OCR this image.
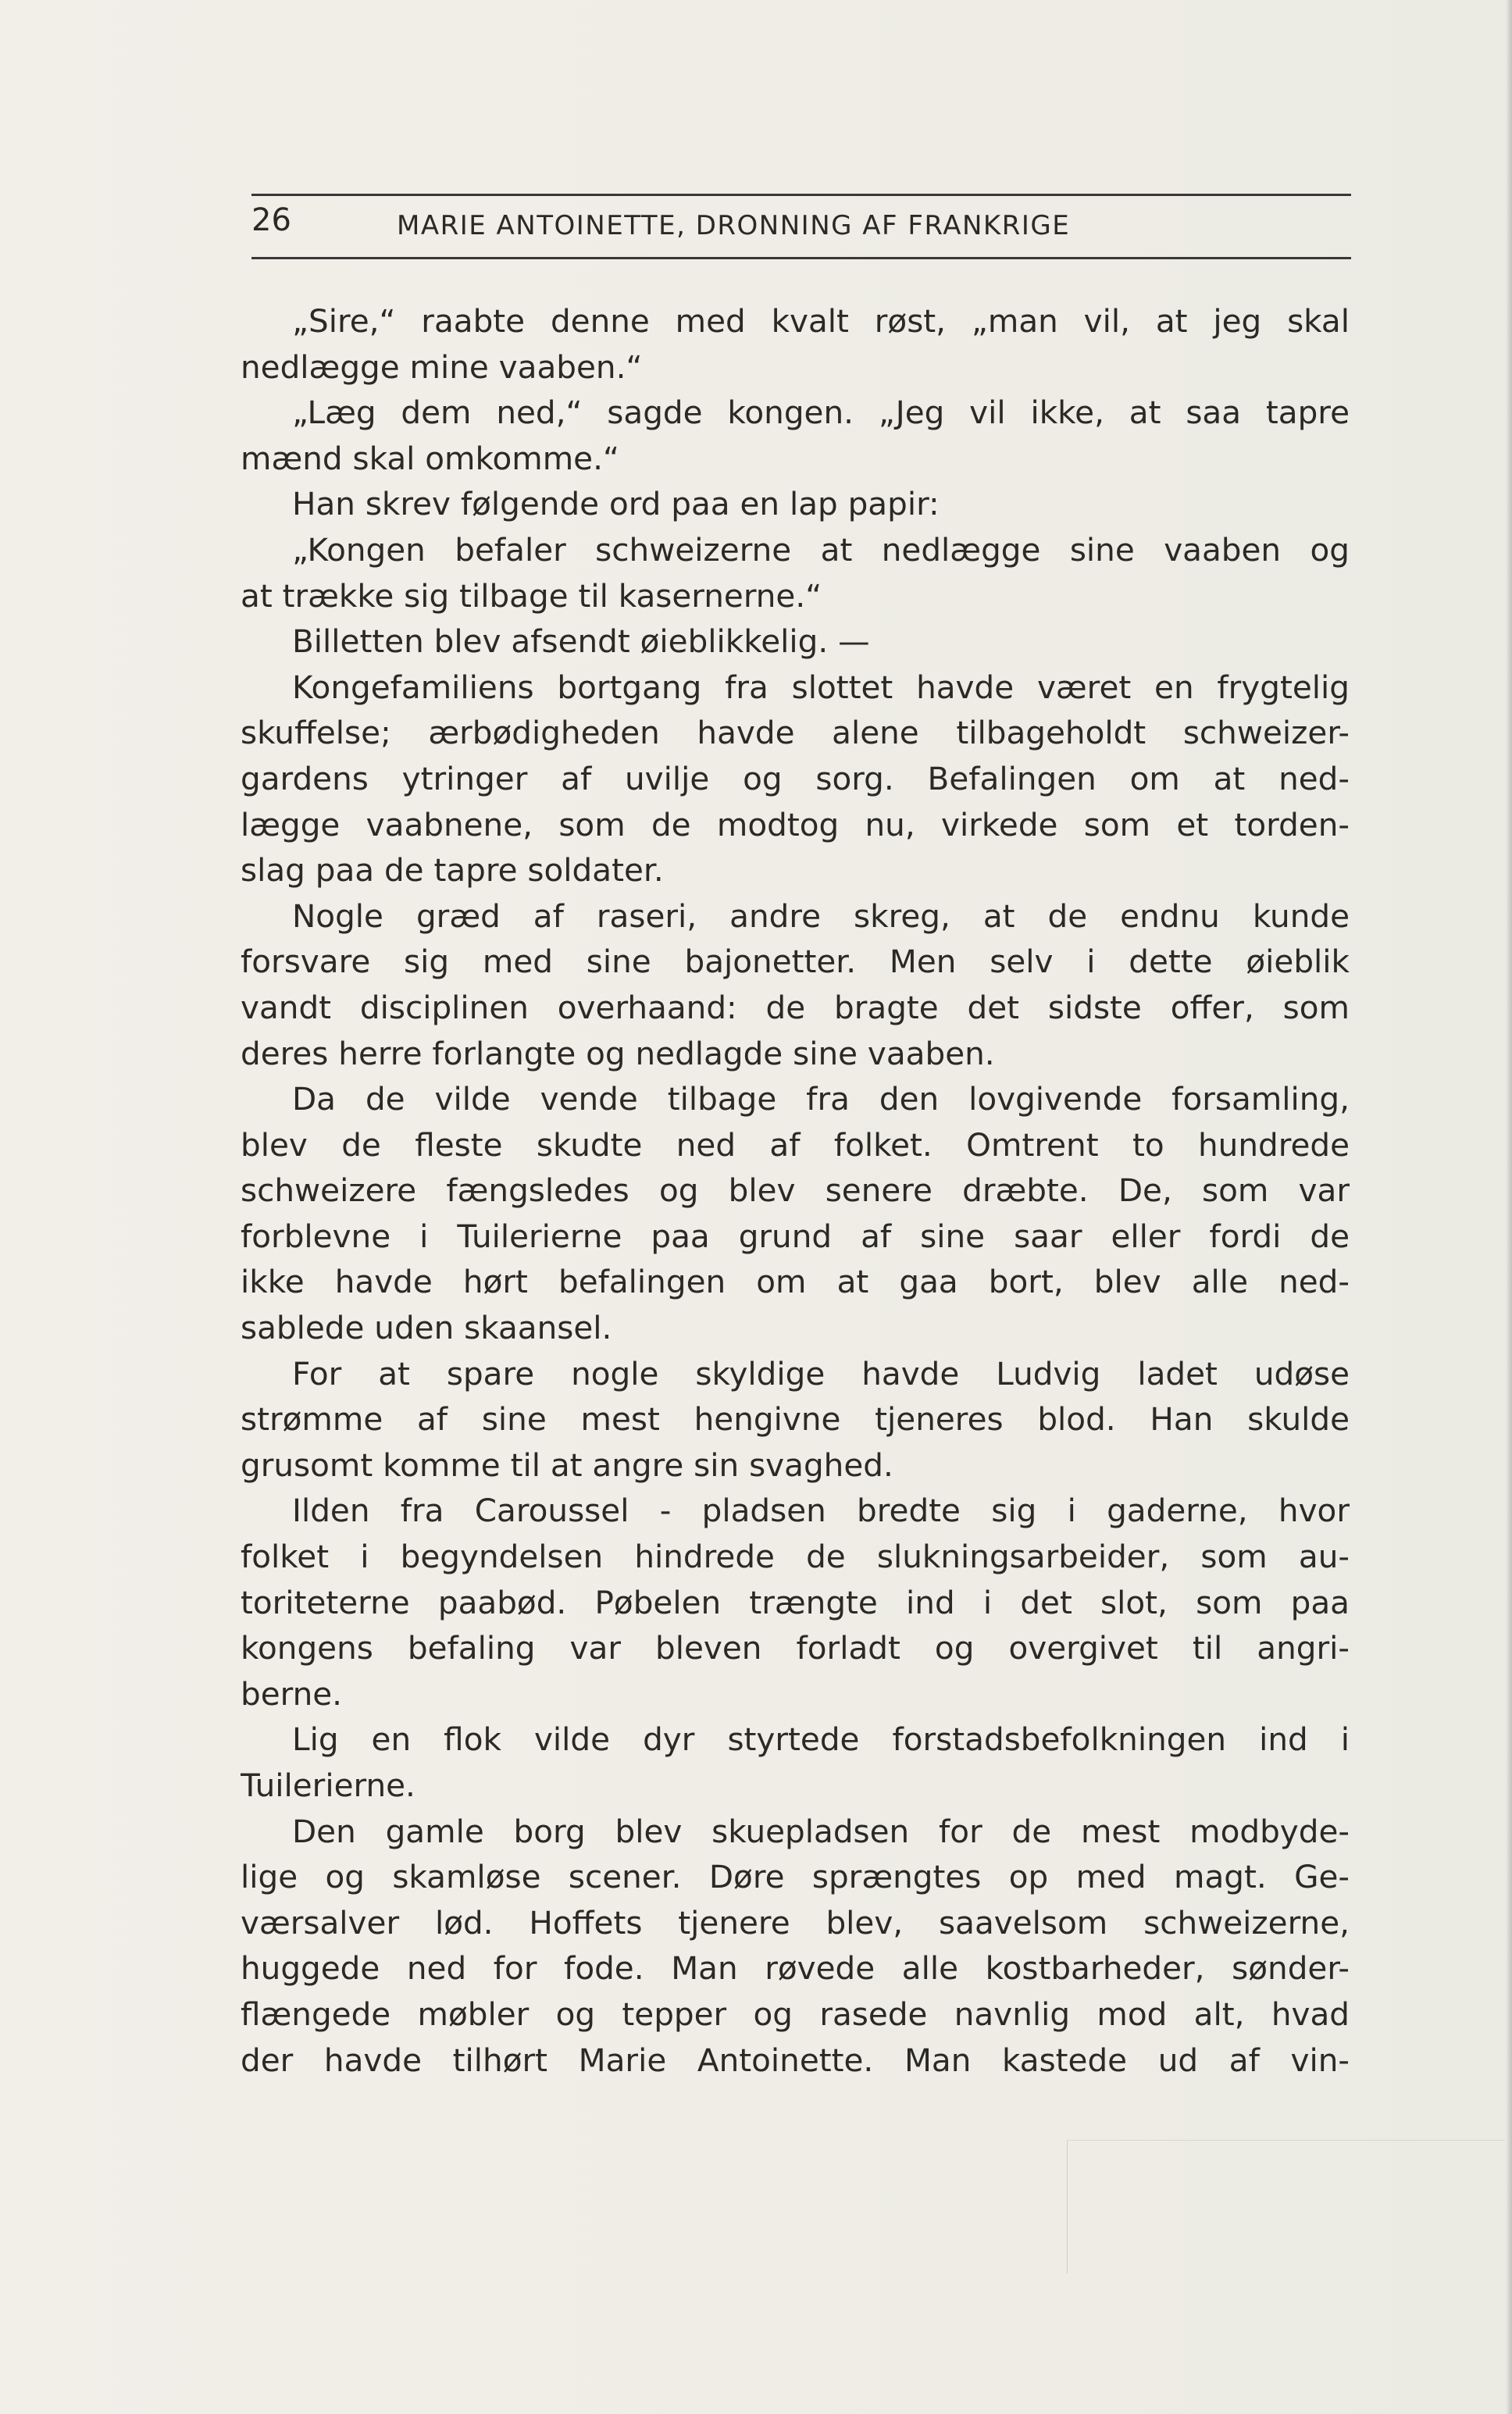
26	MARIE ANTOINETTE, DRONNING AF FRANKRIGE
„Sire,“ raabte denne med kvalt røst, „man vil, at jeg skal
nedlægge mine vaaben.“
„Læg dem ned,“ sagde kongen. „Jeg vil ikke, at saa tapre
mænd skal omkomme.“
Han skrev følgende ord paa en lap papir:
„Kongen befaler schweizerne at nedlægge sine vaaben og
at trække sig tilbage til kasernerne.“
Billetten blev afsendt øieblikkelig. —
Kongefamiliens bortgang fra slottet havde været en frygtelig
skuffelse; ærbødigheden havde alene tilbageholdt schweizer-
gardens ytringer af uvilje og sorg. Befalingen om at ned-
lægge vaabnene, som de modtog nu, virkede som et torden-
slag paa de tapre soldater.
Nogle græd af raseri, andre skreg, at de endnu kunde
forsvare sig med sine bajonetter. Men selv i dette øieblik
vandt disciplinen overhaand: de bragte det sidste offer, som
deres herre forlangte og nedlagde sine vaaben.
Da de vilde vende tilbage fra den lovgivende forsamling,
blev de fleste skudte ned af folket. Omtrent to hundrede
schweizere fængsledes og blev senere dræbte. De, som var
forblevne i Tuilerierne paa grund af sine saar eller fordi de
ikke havde hørt befalingen om at gaa bort, blev alle ned-
sablede uden skaansel.
For at spare nogle skyldige havde Ludvig ladet udøse
strømme af sine mest hengivne tjeneres blod. Han skulde
grusomt komme til at angre sin svaghed.
Ilden fra Caroussel - pladsen bredte sig i gaderne, hvor
folket i begyndelsen hindrede de slukningsarbeider, som au-
toriteterne paabød. Pøbelen trængte ind i det slot, som paa
kongens befaling var bleven forladt og overgivet til angri-
berne.
Lig en flok vilde dyr styrtede forstadsbefolkningen ind i
Tuilerierne.
Den gamle borg blev skuepladsen for de mest modbyde-
lige og skamløse scener. Døre sprængtes op med magt. Ge-
værsalver lød. Hoffets tjenere blev, saavelsom schweizerne,
huggede ned for fode. Man røvede alle kostbarheder, sønder-
flængede møbler og tepper og rasede navnlig mod alt, hvad
der havde tilhørt Marie Antoinette. Man kastede ud af vin-
